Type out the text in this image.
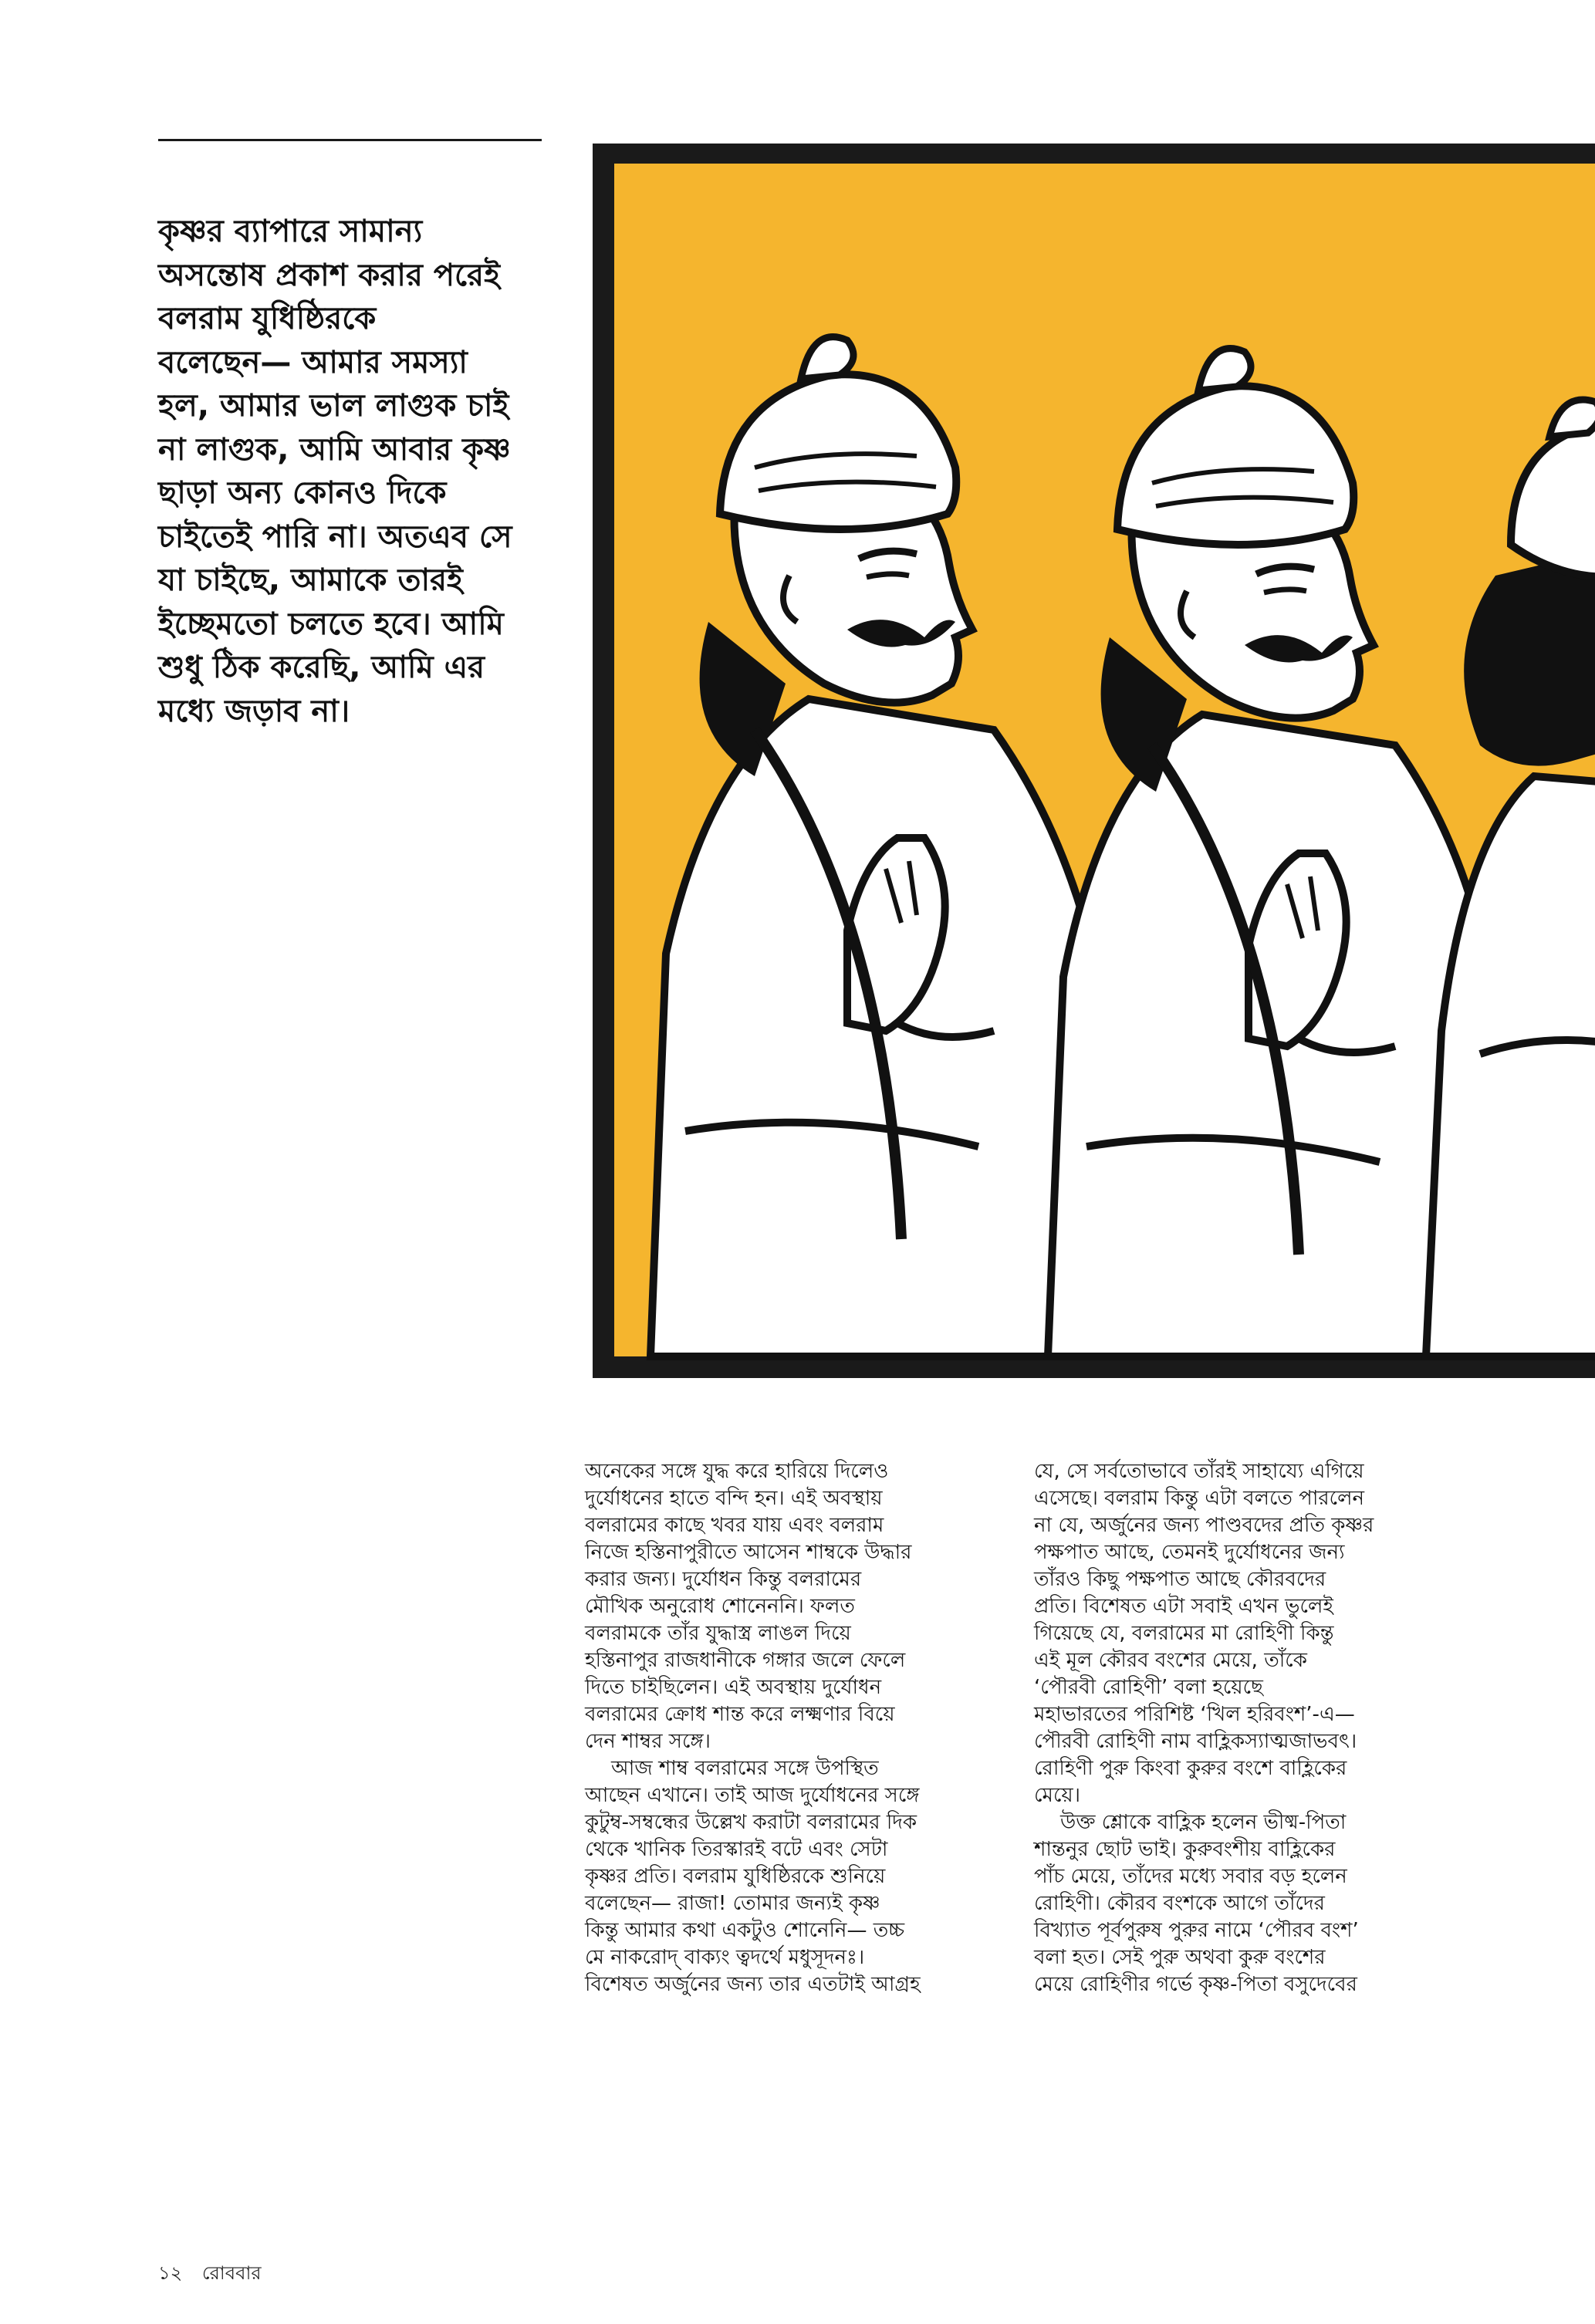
কৃষ্ণর ব্যাপারে সামান্য
অসন্তোষ প্রকাশ করার পরেই
বলরাম যুধিষ্ঠিরকে
বলেছেন— আমার সমস্যা
হল, আমার ভাল লাগুক চাই
না লাগুক, আমি আবার কৃষ্ণ
ছাড়া অন্য কোনও দিকে
চাইতেই পারি না। অতএব সে
যা চাইছে, আমাকে তারই
ইচ্ছেমতো চলতে হবে। আমি
শুধু ঠিক করেছি, আমি এর
মধ্যে জড়াব না।
অনেকের সঙ্গে যুদ্ধ করে হারিয়ে দিলেও
দুর্যোধনের হাতে বন্দি হন। এই অবস্থায়
বলরামের কাছে খবর যায় এবং বলরাম
নিজে হস্তিনাপুরীতে আসেন শাম্বকে উদ্ধার
করার জন্য। দুর্যোধন কিন্তু বলরামের
মৌখিক অনুরোধ শোনেননি। ফলত
বলরামকে তাঁর যুদ্ধাস্ত্র লাঙল দিয়ে
হস্তিনাপুর রাজধানীকে গঙ্গার জলে ফেলে
দিতে চাইছিলেন। এই অবস্থায় দুর্যোধন
বলরামের ক্রোধ শান্ত করে লক্ষ্মণার বিয়ে
দেন শাম্বর সঙ্গে।
আজ শাম্ব বলরামের সঙ্গে উপস্থিত
আছেন এখানে। তাই আজ দুর্যোধনের সঙ্গে
কুটুম্ব-সম্বন্ধের উল্লেখ করাটা বলরামের দিক
থেকে খানিক তিরস্কারই বটে এবং সেটা
কৃষ্ণর প্রতি। বলরাম যুধিষ্ঠিরকে শুনিয়ে
বলেছেন— রাজা! তোমার জন্যই কৃষ্ণ
কিন্তু আমার কথা একটুও শোনেনি— তচ্চ
মে নাকরোদ্ বাক্যং ত্বদর্থে মধুসূদনঃ।
বিশেষত অর্জুনের জন্য তার এতটাই আগ্রহ
যে, সে সর্বতোভাবে তাঁরই সাহায্যে এগিয়ে
এসেছে। বলরাম কিন্তু এটা বলতে পারলেন
না যে, অর্জুনের জন্য পাণ্ডবদের প্রতি কৃষ্ণর
পক্ষপাত আছে, তেমনই দুর্যোধনের জন্য
তাঁরও কিছু পক্ষপাত আছে কৌরবদের
প্রতি। বিশেষত এটা সবাই এখন ভুলেই
গিয়েছে যে, বলরামের মা রোহিণী কিন্তু
এই মূল কৌরব বংশের মেয়ে, তাঁকে
‘পৌরবী রোহিণী’ বলা হয়েছে
মহাভারতের পরিশিষ্ট ‘খিল হরিবংশ’-এ—
পৌরবী রোহিণী নাম বাহ্লিকস্যাত্মজাভবৎ।
রোহিণী পুরু কিংবা কুরুর বংশে বাহ্লিকের
মেয়ে।
উক্ত শ্লোকে বাহ্লিক হলেন ভীষ্ম-পিতা
শান্তনুর ছোট ভাই। কুরুবংশীয় বাহ্লিকের
পাঁচ মেয়ে, তাঁদের মধ্যে সবার বড় হলেন
রোহিণী। কৌরব বংশকে আগে তাঁদের
বিখ্যাত পূর্বপুরুষ পুরুর নামে ‘পৌরব বংশ’
বলা হত। সেই পুরু অথবা কুরু বংশের
মেয়ে রোহিণীর গর্ভে কৃষ্ণ-পিতা বসুদেবের
১২ রোববার
